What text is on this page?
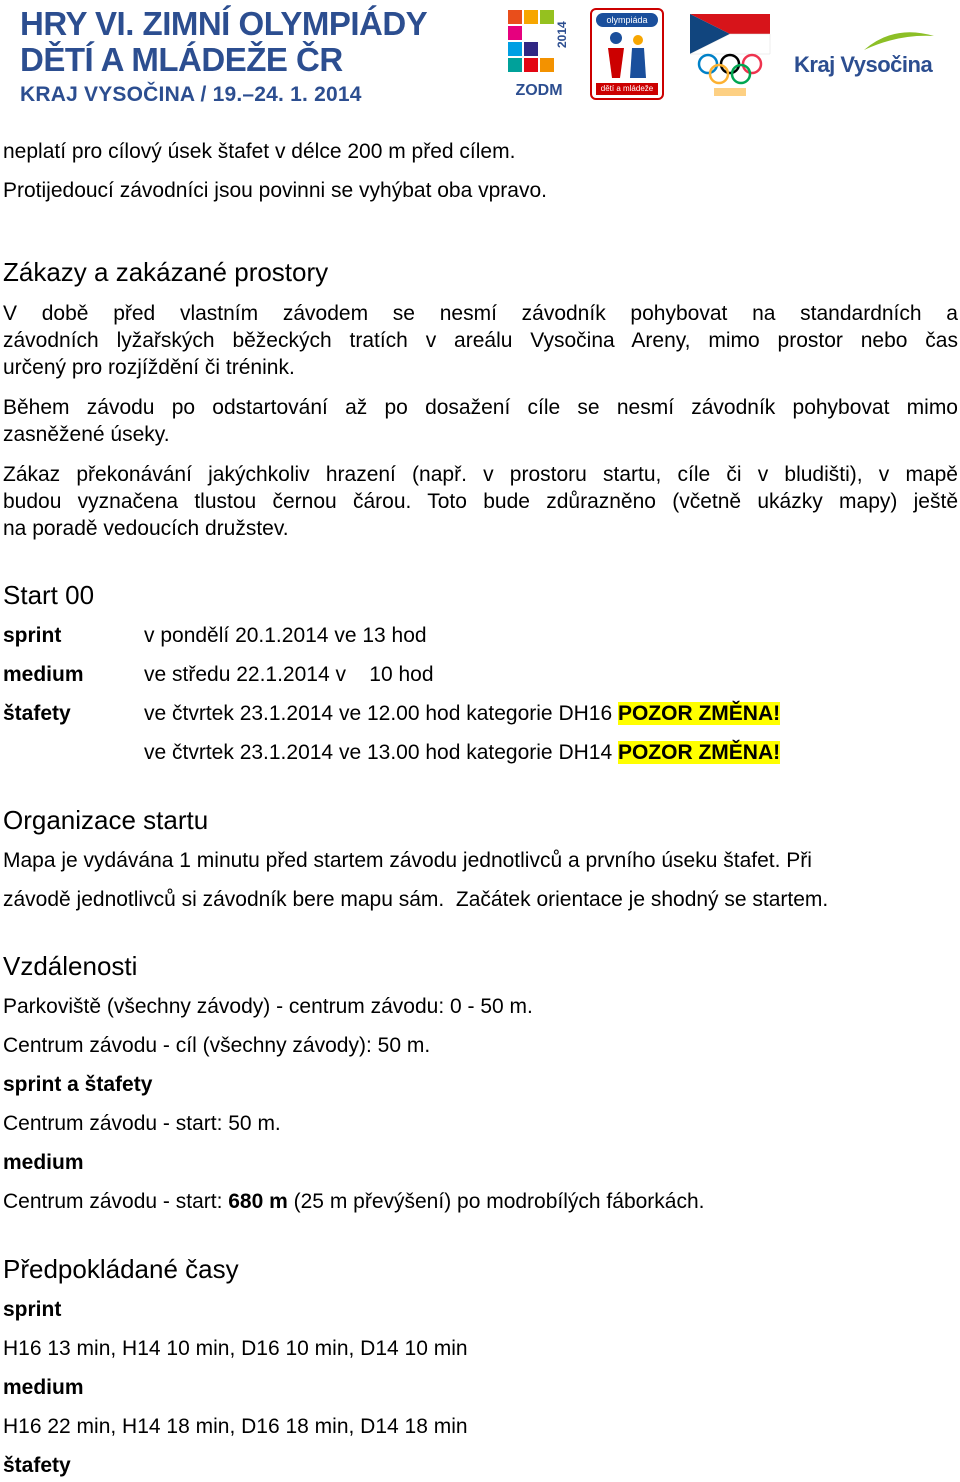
HRY VI. ZIMNÍ OLYMPIÁDY
DĚTÍ A MLÁDEŽE ČR
KRAJ VYSOČINA / 19.–24. 1. 2014
2014
ZODM
olympiáda
dětí a mládeže
Kraj Vysočina
neplatí pro cílový úsek štafet v délce 200 m před cílem.
Protijedoucí závodníci jsou povinni se vyhýbat oba vpravo.
Zákazy a zakázané prostory
V době před vlastním závodem se nesmí závodník pohybovat na standardních a
závodních lyžařských běžeckých tratích v areálu Vysočina Areny, mimo prostor nebo čas
určený pro rozjíždění či trénink.
Během závodu po odstartování až po dosažení cíle se nesmí závodník pohybovat mimo
zasněžené úseky.
Zákaz překonávání jakýchkoliv hrazení (např. v prostoru startu, cíle či v bludišti), v mapě
budou vyznačena tlustou černou čárou. Toto bude zdůrazněno (včetně ukázky mapy) ještě
na poradě vedoucích družstev.
Start 00
sprint	v pondělí 20.1.2014 ve 13 hod
medium	ve středu 22.1.2014 v    10 hod
štafety	ve čtvrtek 23.1.2014 ve 12.00 hod kategorie DH16 POZOR ZMĚNA!
ve čtvrtek 23.1.2014 ve 13.00 hod kategorie DH14 POZOR ZMĚNA!
Organizace startu
Mapa je vydávána 1 minutu před startem závodu jednotlivců a prvního úseku štafet. Při
závodě jednotlivců si závodník bere mapu sám.  Začátek orientace je shodný se startem.
Vzdálenosti
Parkoviště (všechny závody) - centrum závodu: 0 - 50 m.
Centrum závodu - cíl (všechny závody): 50 m.
sprint a štafety
Centrum závodu - start: 50 m.
medium
Centrum závodu - start: 680 m (25 m převýšení) po modrobílých fáborkách.
Předpokládané časy
sprint
H16 13 min, H14 10 min, D16 10 min, D14 10 min
medium
H16 22 min, H14 18 min, D16 18 min, D14 18 min
štafety
